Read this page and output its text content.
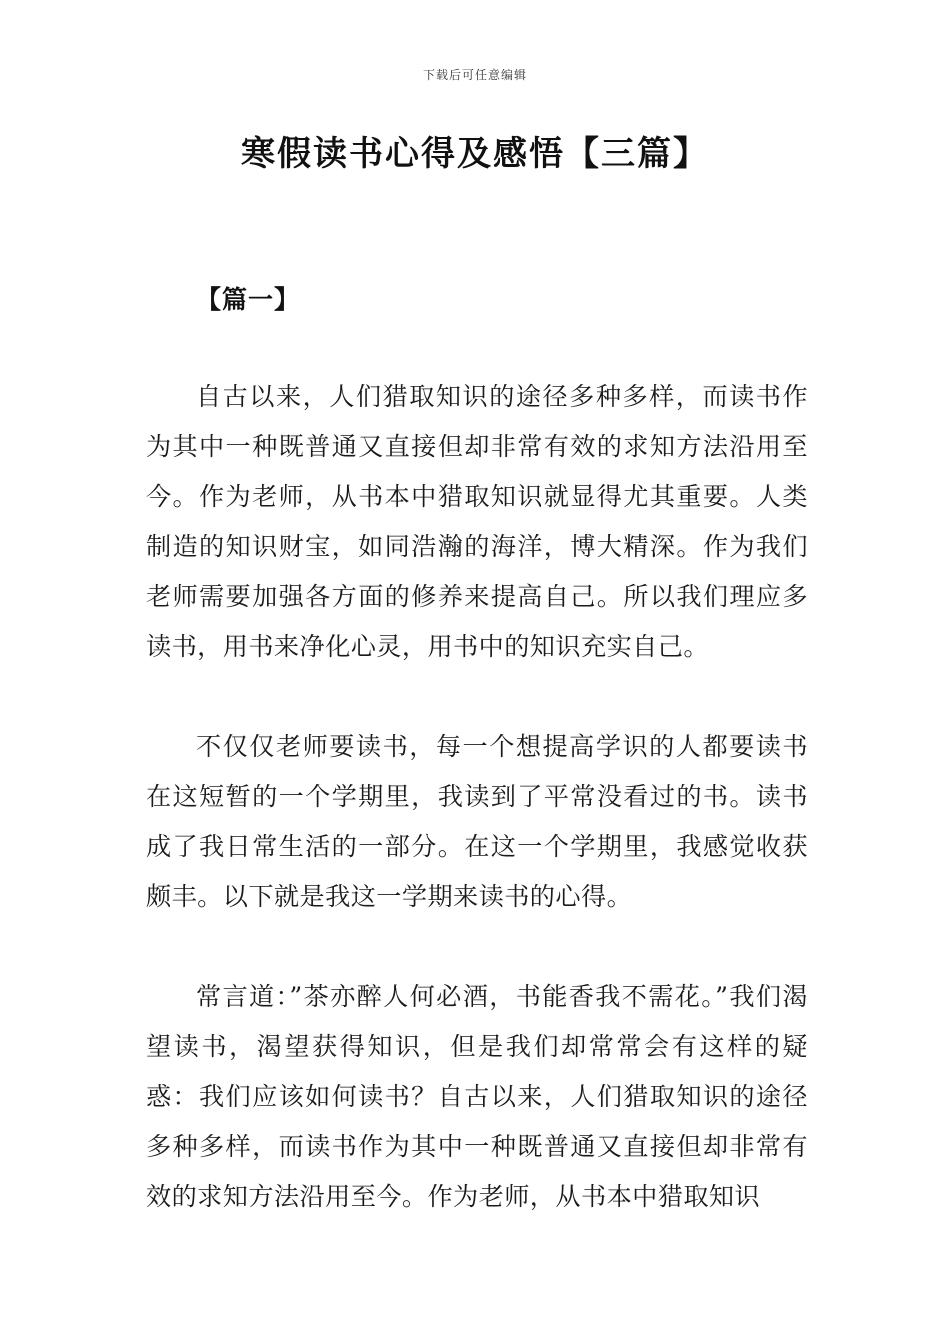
下载后可任意编辑
寒假读书心得及感悟【三篇】
【篇一】

自古以来，人们猎取知识的途径多种多样，而读书作为其中一种既普通又直接但却非常有效的求知方法沿用至今。作为老师，从书本中猎取知识就显得尤其重要。人类制造的知识财宝，如同浩瀚的海洋，博大精深。作为我们老师需要加强各方面的修养来提高自己。所以我们理应多读书，用书来净化心灵，用书中的知识充实自己。

不仅仅老师要读书，每一个想提高学识的人都要读书在这短暂的一个学期里，我读到了平常没看过的书。读书成了我日常生活的一部分。在这一个学期里，我感觉收获颇丰。以下就是我这一学期来读书的心得。

常言道：”茶亦醉人何必酒，书能香我不需花。”我们渴望读书，渴望获得知识，但是我们却常常会有这样的疑惑：我们应该如何读书？自古以来，人们猎取知识的途径多种多样，而读书作为其中一种既普通又直接但却非常有效的求知方法沿用至今。作为老师，从书本中猎取知识
